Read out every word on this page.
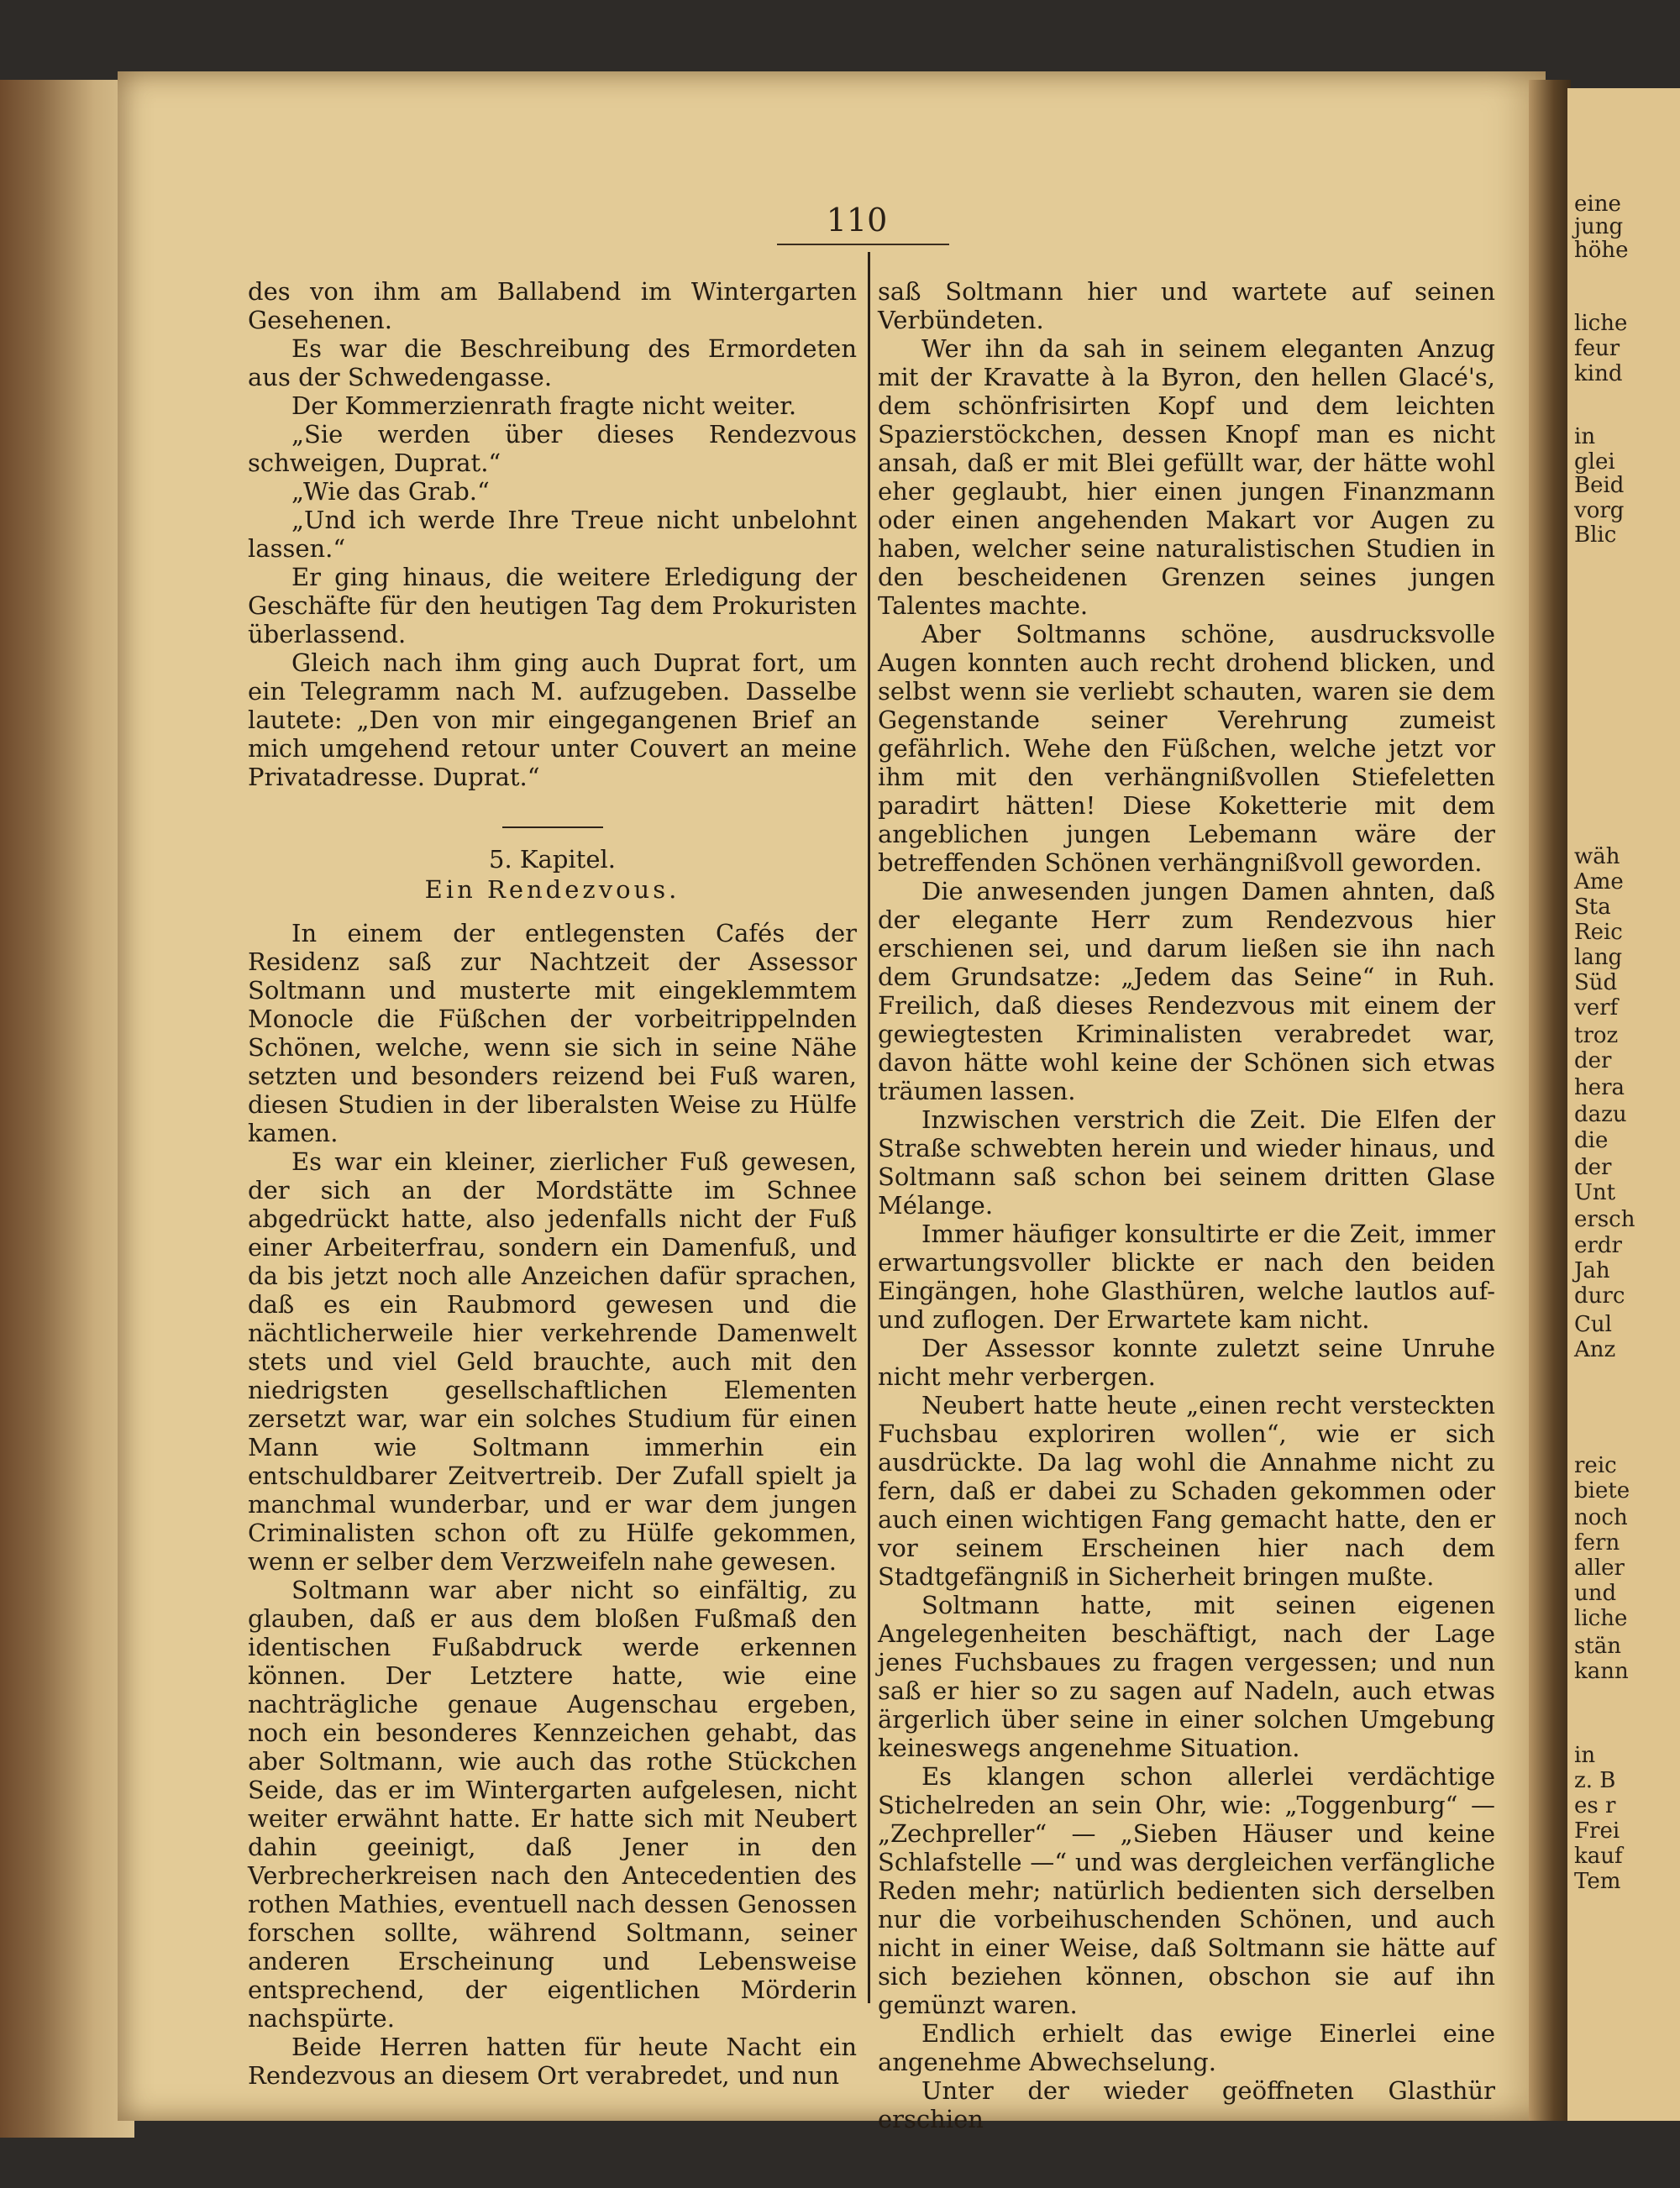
eine

jung

höhe

liche

feur

kind

in

glei

Beid

vorg

Blic

wäh

Ame

Sta

Reic

lang

Süd

verf

troz

der

hera

dazu

die

der

Unt

ersch

erdr

Jah

durc

Cul

Anz

reic

biete

noch

fern

aller

und

liche

stän

kann

in

z. B

es r

Frei

kauf

Tem

110

des von ihm am Ballabend im Wintergarten Gesehenen.

Es war die Beschreibung des Ermordeten aus der Schwedengasse.

Der Kommerzienrath fragte nicht weiter.

„Sie werden über dieses Rendezvous schweigen, Duprat.“

„Wie das Grab.“

„Und ich werde Ihre Treue nicht unbelohnt lassen.“

Er ging hinaus, die weitere Erledigung der Geschäfte für den heutigen Tag dem Prokuristen überlassend.

Gleich nach ihm ging auch Duprat fort, um ein Telegramm nach M. aufzugeben. Dasselbe lautete: „Den von mir eingegangenen Brief an mich umgehend retour unter Couvert an meine Privatadresse. Duprat.“

5. Kapitel.

Ein Rendezvous.

In einem der entlegensten Cafés der Residenz saß zur Nachtzeit der Assessor Soltmann und musterte mit eingeklemmtem Monocle die Füßchen der vorbeitrippelnden Schönen, welche, wenn sie sich in seine Nähe setzten und besonders reizend bei Fuß waren, diesen Studien in der liberalsten Weise zu Hülfe kamen.

Es war ein kleiner, zierlicher Fuß gewesen, der sich an der Mordstätte im Schnee abgedrückt hatte, also jedenfalls nicht der Fuß einer Arbeiterfrau, sondern ein Damenfuß, und da bis jetzt noch alle Anzeichen dafür sprachen, daß es ein Raubmord gewesen und die nächtlicherweile hier verkehrende Damenwelt stets und viel Geld brauchte, auch mit den niedrigsten gesellschaftlichen Elementen zersetzt war, war ein solches Studium für einen Mann wie Soltmann immerhin ein entschuldbarer Zeitvertreib. Der Zufall spielt ja manchmal wunderbar, und er war dem jungen Criminalisten schon oft zu Hülfe gekommen, wenn er selber dem Verzweifeln nahe gewesen.

Soltmann war aber nicht so einfältig, zu glauben, daß er aus dem bloßen Fußmaß den identischen Fußabdruck werde erkennen können. Der Letztere hatte, wie eine nachträgliche genaue Augenschau ergeben, noch ein besonderes Kennzeichen gehabt, das aber Soltmann, wie auch das rothe Stückchen Seide, das er im Wintergarten aufgelesen, nicht weiter erwähnt hatte. Er hatte sich mit Neubert dahin geeinigt, daß Jener in den Verbrecherkreisen nach den Antecedentien des rothen Mathies, eventuell nach dessen Genossen forschen sollte, während Soltmann, seiner anderen Erscheinung und Lebensweise entsprechend, der eigentlichen Mörderin nachspürte.

Beide Herren hatten für heute Nacht ein Rendezvous an diesem Ort verabredet, und nun

saß Soltmann hier und wartete auf seinen Verbündeten.

Wer ihn da sah in seinem eleganten Anzug mit der Kravatte à la Byron, den hellen Glacé's, dem schönfrisirten Kopf und dem leichten Spazierstöckchen, dessen Knopf man es nicht ansah, daß er mit Blei gefüllt war, der hätte wohl eher geglaubt, hier einen jungen Finanzmann oder einen angehenden Makart vor Augen zu haben, welcher seine naturalistischen Studien in den bescheidenen Grenzen seines jungen Talentes machte.

Aber Soltmanns schöne, ausdrucksvolle Augen konnten auch recht drohend blicken, und selbst wenn sie verliebt schauten, waren sie dem Gegenstande seiner Verehrung zumeist gefährlich. Wehe den Füßchen, welche jetzt vor ihm mit den verhängnißvollen Stiefeletten paradirt hätten! Diese Koketterie mit dem angeblichen jungen Lebemann wäre der betreffenden Schönen verhängnißvoll geworden.

Die anwesenden jungen Damen ahnten, daß der elegante Herr zum Rendezvous hier erschienen sei, und darum ließen sie ihn nach dem Grundsatze: „Jedem das Seine“ in Ruh. Freilich, daß dieses Rendezvous mit einem der gewiegtesten Kriminalisten verabredet war, davon hätte wohl keine der Schönen sich etwas träumen lassen.

Inzwischen verstrich die Zeit. Die Elfen der Straße schwebten herein und wieder hinaus, und Soltmann saß schon bei seinem dritten Glase Mélange.

Immer häufiger konsultirte er die Zeit, immer erwartungsvoller blickte er nach den beiden Eingängen, hohe Glasthüren, welche lautlos auf- und zuflogen. Der Erwartete kam nicht.

Der Assessor konnte zuletzt seine Unruhe nicht mehr verbergen.

Neubert hatte heute „einen recht versteckten Fuchsbau exploriren wollen“, wie er sich ausdrückte. Da lag wohl die Annahme nicht zu fern, daß er dabei zu Schaden gekommen oder auch einen wichtigen Fang gemacht hatte, den er vor seinem Erscheinen hier nach dem Stadtgefängniß in Sicherheit bringen mußte.

Soltmann hatte, mit seinen eigenen Angelegenheiten beschäftigt, nach der Lage jenes Fuchsbaues zu fragen vergessen; und nun saß er hier so zu sagen auf Nadeln, auch etwas ärgerlich über seine in einer solchen Umgebung keineswegs angenehme Situation.

Es klangen schon allerlei verdächtige Stichelreden an sein Ohr, wie: „Toggenburg“ — „Zechpreller“ — „Sieben Häuser und keine Schlafstelle —“ und was dergleichen verfängliche Reden mehr; natürlich bedienten sich derselben nur die vorbeihuschenden Schönen, und auch nicht in einer Weise, daß Soltmann sie hätte auf sich beziehen können, obschon sie auf ihn gemünzt waren.

Endlich erhielt das ewige Einerlei eine angenehme Abwechselung.

Unter der wieder geöffneten Glasthür erschien
